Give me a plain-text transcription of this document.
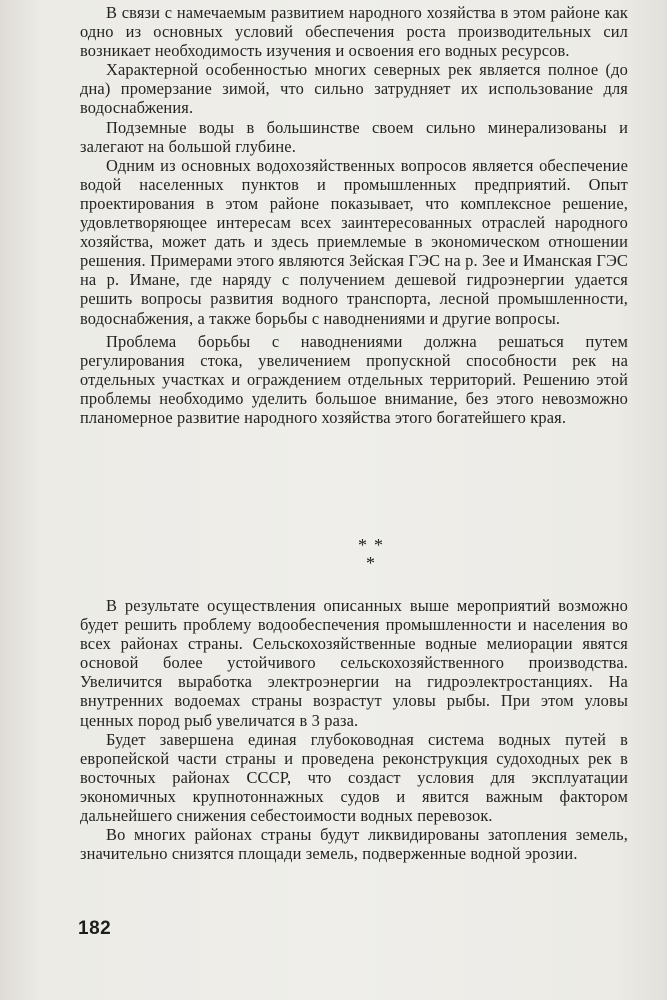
В связи с намечаемым развитием народного хозяйства в этом районе как одно из основных условий обеспечения роста производительных сил возникает необходимость изучения и освоения его водных ресурсов.

Характерной особенностью многих северных рек является полное (до дна) промерзание зимой, что сильно затрудняет их использование для водоснабжения.

Подземные воды в большинстве своем сильно минерализованы и залегают на большой глубине.

Одним из основных водохозяйственных вопросов является обеспечение водой населенных пунктов и промышленных предприятий. Опыт проектирования в этом районе показывает, что комплексное решение, удовлетворяющее интересам всех заинтересованных отраслей народного хозяйства, может дать и здесь приемлемые в экономическом отношении решения. Примерами этого являются Зейская ГЭС на р. Зее и Иманская ГЭС на р. Имане, где наряду с получением дешевой гидроэнергии удается решить вопросы развития водного транспорта, лесной промышленности, водоснабжения, а также борьбы с наводнениями и другие вопросы.

Проблема борьбы с наводнениями должна решаться путем регулирования стока, увеличением пропускной способности рек на отдельных участках и ограждением отдельных территорий. Решению этой проблемы необходимо уделить большое внимание, без этого невозможно планомерное развитие народного хозяйства этого богатейшего края.

* *
*

В результате осуществления описанных выше мероприятий возможно будет решить проблему водообеспечения промышленности и населения во всех районах страны. Сельскохозяйственные водные мелиорации явятся основой более устойчивого сельскохозяйственного производства. Увеличится выработка электроэнергии на гидроэлектростанциях. На внутренних водоемах страны возрастут уловы рыбы. При этом уловы ценных пород рыб увеличатся в 3 раза.

Будет завершена единая глубоководная система водных путей в европейской части страны и проведена реконструкция судоходных рек в восточных районах СССР, что создаст условия для эксплуатации экономичных крупнотоннажных судов и явится важным фактором дальнейшего снижения себестоимости водных перевозок.

Во многих районах страны будут ликвидированы затопления земель, значительно снизятся площади земель, подверженные водной эрозии.

182
